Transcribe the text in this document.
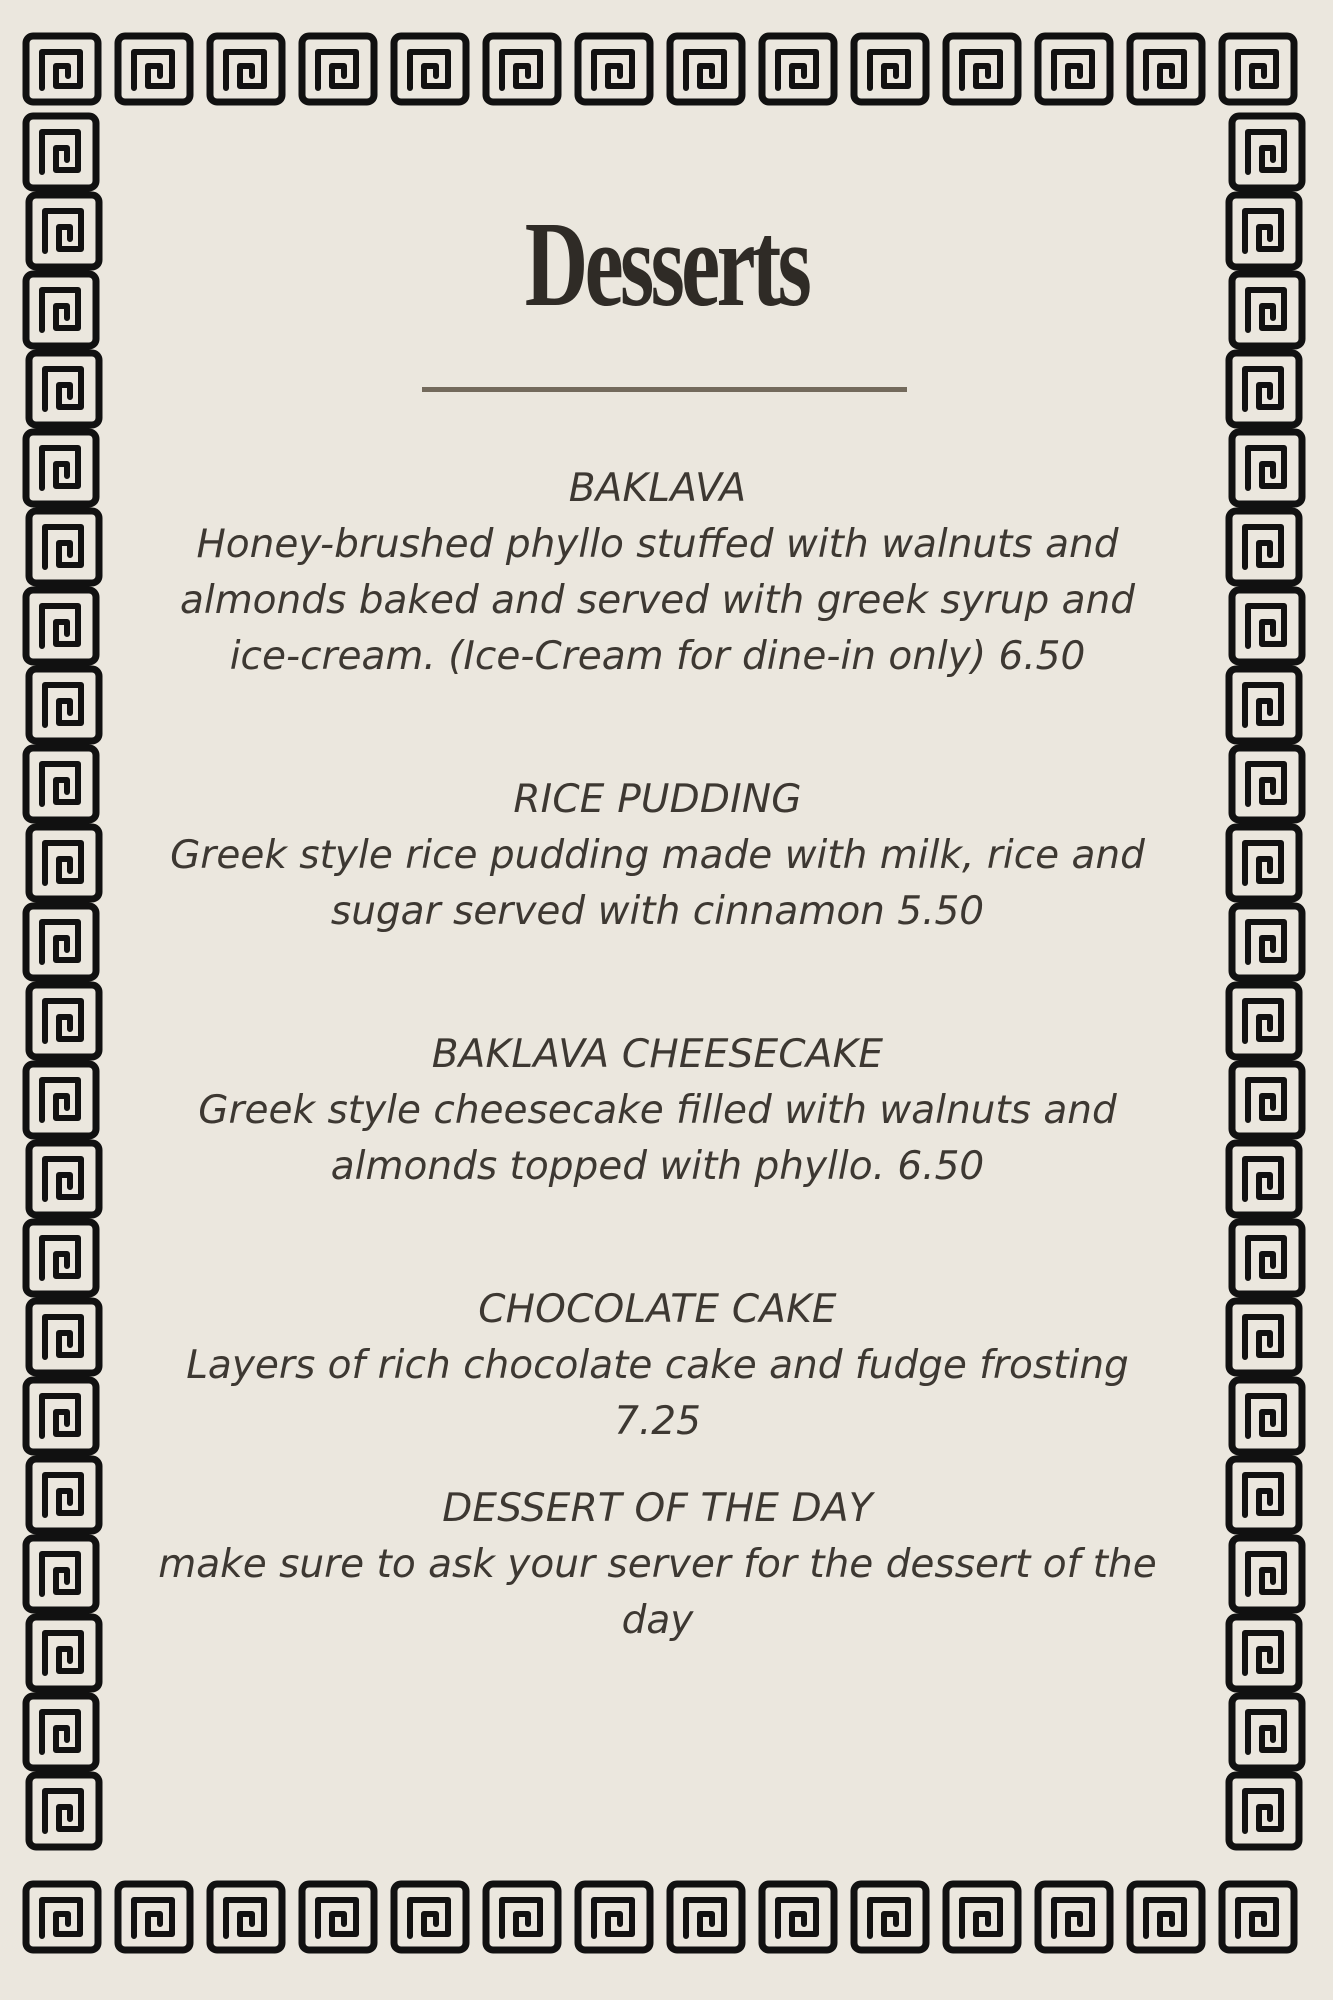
Desserts

BAKLAVA

Honey-brushed phyllo stuffed with walnuts and almonds baked and served with greek syrup and ice-cream. (Ice-Cream for dine-in only) 6.50

RICE PUDDING

Greek style rice pudding made with milk, rice and sugar served with cinnamon 5.50

BAKLAVA CHEESECAKE

Greek style cheesecake filled with walnuts and almonds topped with phyllo. 6.50

CHOCOLATE CAKE

Layers of rich chocolate cake and fudge frosting 7.25

DESSERT OF THE DAY

make sure to ask your server for the dessert of the day
